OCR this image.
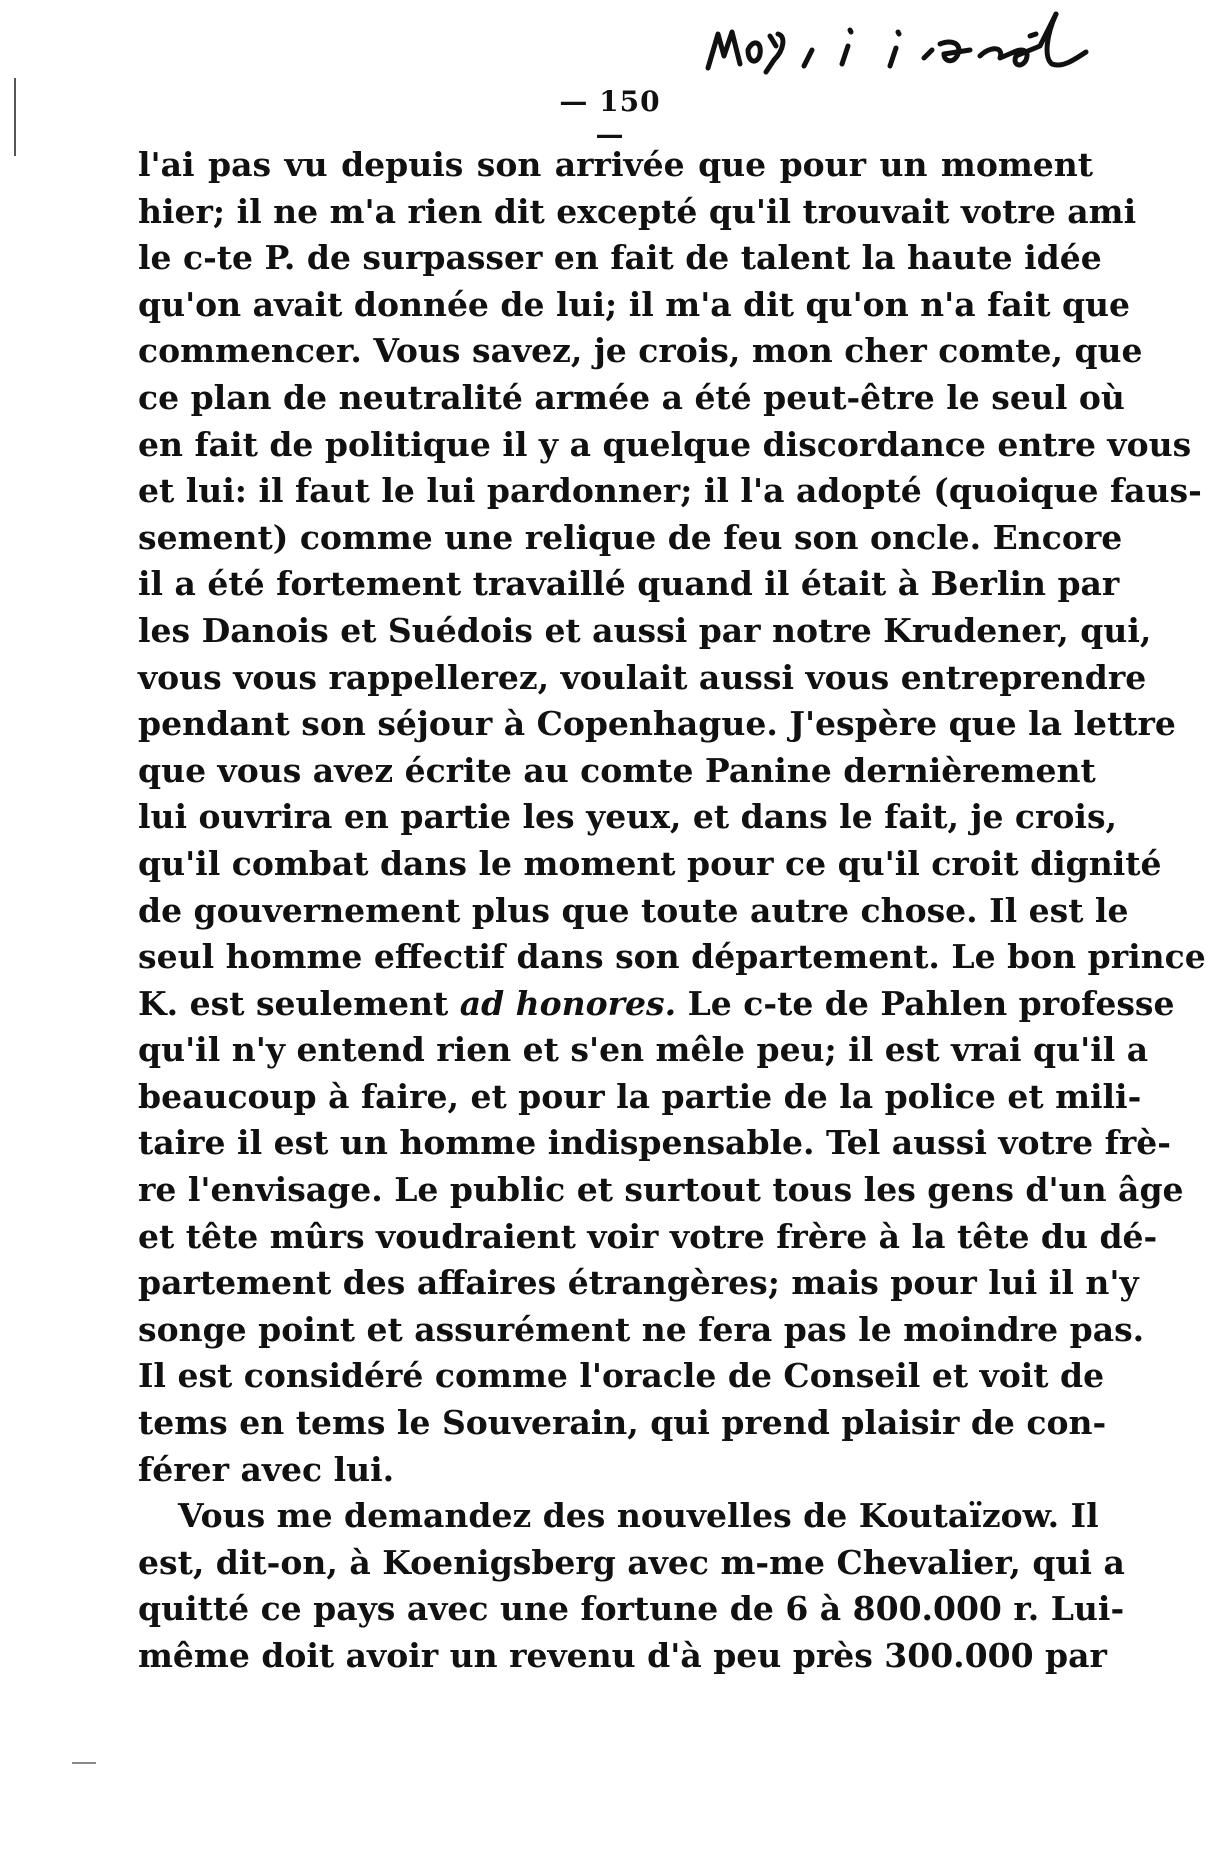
— 150 —
l'ai pas vu depuis son arrivée que pour un moment
hier; il ne m'a rien dit excepté qu'il trouvait votre ami
le c-te P. de surpasser en fait de talent la haute idée
qu'on avait donnée de lui; il m'a dit qu'on n'a fait que
commencer. Vous savez, je crois, mon cher comte, que
ce plan de neutralité armée a été peut-être le seul où
en fait de politique il y a quelque discordance entre vous
et lui: il faut le lui pardonner; il l'a adopté (quoique faus-
sement) comme une relique de feu son oncle. Encore
il a été fortement travaillé quand il était à Berlin par
les Danois et Suédois et aussi par notre Krudener, qui,
vous vous rappellerez, voulait aussi vous entreprendre
pendant son séjour à Copenhague. J'espère que la lettre
que vous avez écrite au comte Panine dernièrement
lui ouvrira en partie les yeux, et dans le fait, je crois,
qu'il combat dans le moment pour ce qu'il croit dignité
de gouvernement plus que toute autre chose. Il est le
seul homme effectif dans son département. Le bon prince
K. est seulement ad honores. Le c-te de Pahlen professe
qu'il n'y entend rien et s'en mêle peu; il est vrai qu'il a
beaucoup à faire, et pour la partie de la police et mili-
taire il est un homme indispensable. Tel aussi votre frè-
re l'envisage. Le public et surtout tous les gens d'un âge
et tête mûrs voudraient voir votre frère à la tête du dé-
partement des affaires étrangères; mais pour lui il n'y
songe point et assurément ne fera pas le moindre pas.
Il est considéré comme l'oracle de Conseil et voit de
tems en tems le Souverain, qui prend plaisir de con-
férer avec lui.
Vous me demandez des nouvelles de Koutaïzow. Il
est, dit-on, à Koenigsberg avec m-me Chevalier, qui a
quitté ce pays avec une fortune de 6 à 800.000 r. Lui-
même doit avoir un revenu d'à peu près 300.000 par
